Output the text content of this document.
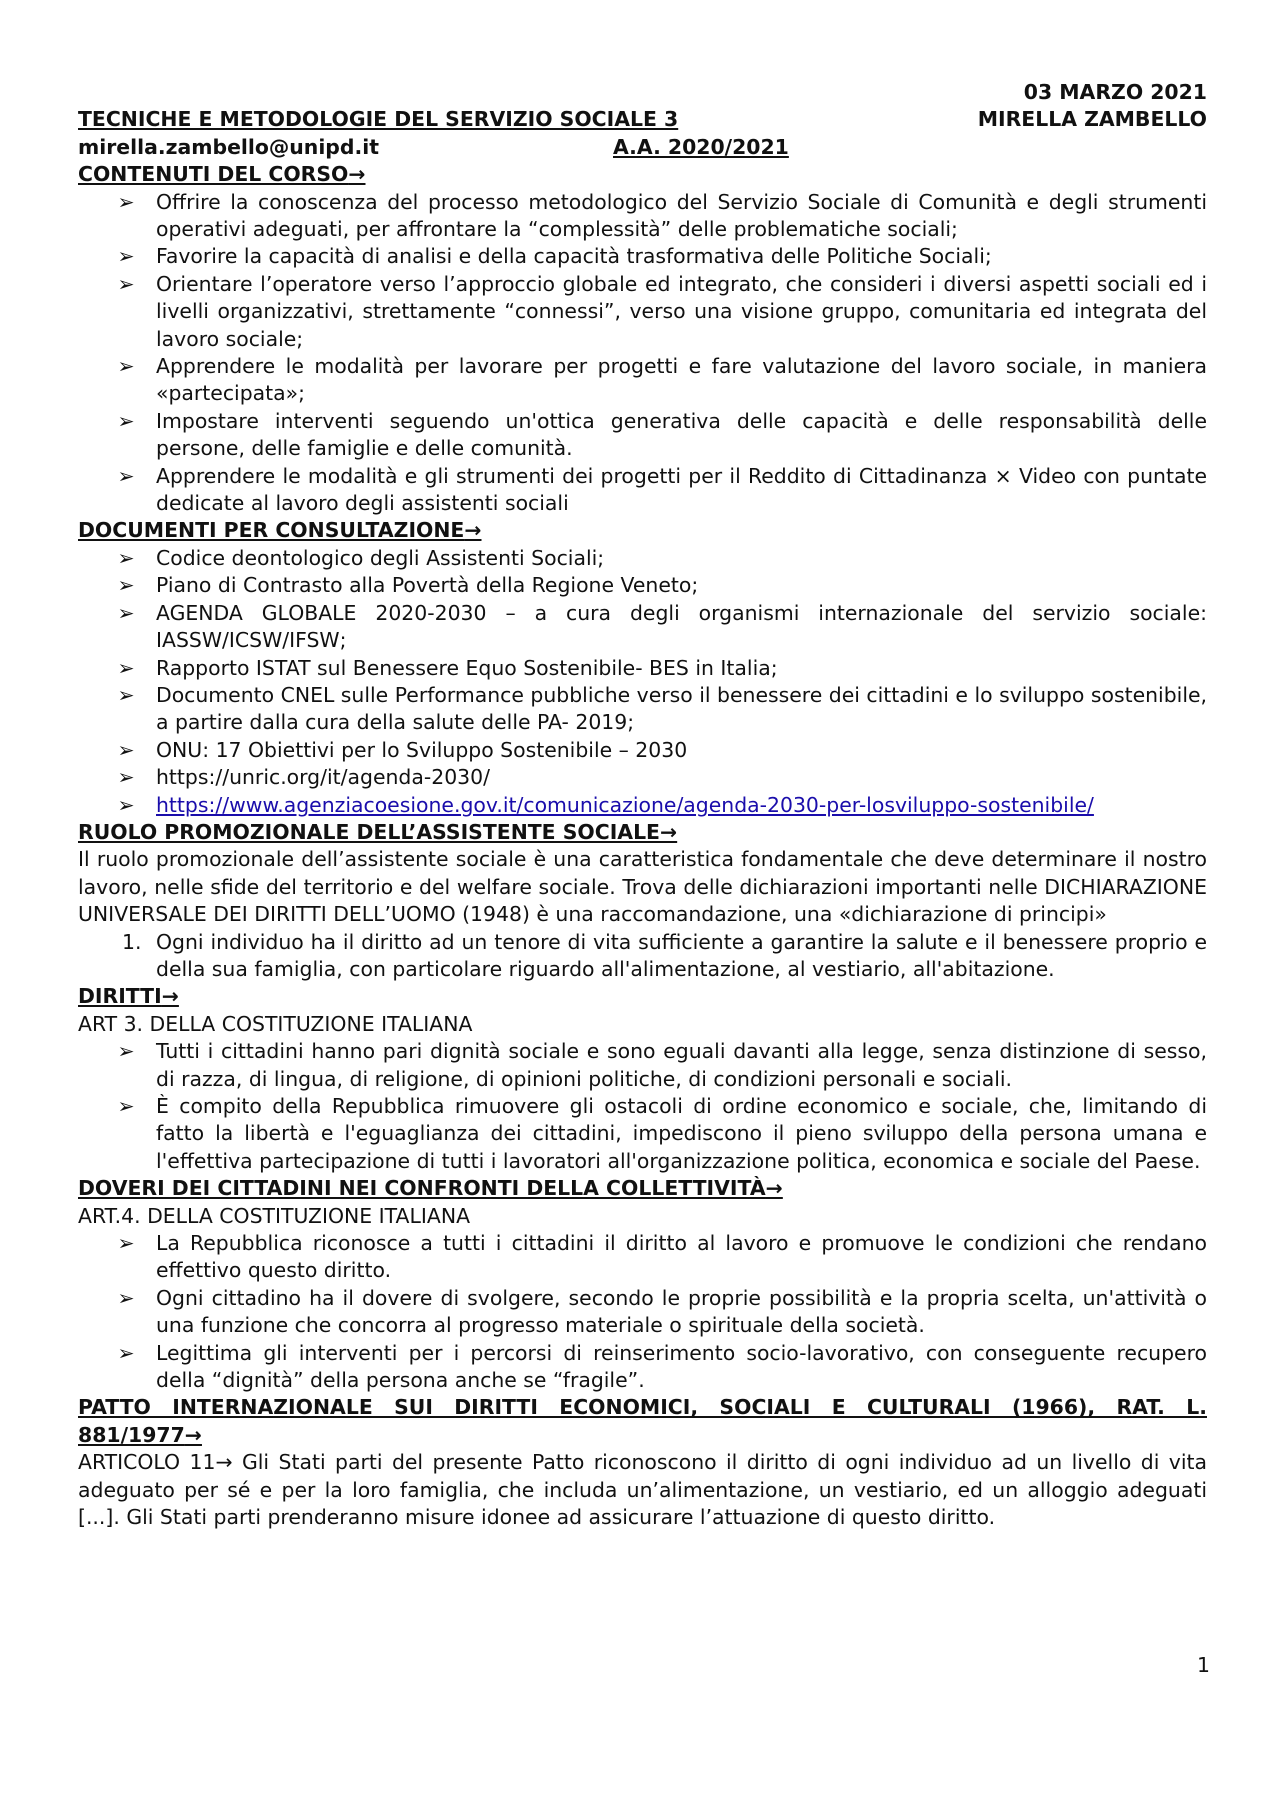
03 MARZO 2021
TECNICHE E METODOLOGIE DEL SERVIZIO SOCIALE 3	MIRELLA ZAMBELLO
mirella.zambello@unipd.it	A.A. 2020/2021
CONTENUTI DEL CORSO→
➢ Offrire la conoscenza del processo metodologico del Servizio Sociale di Comunità e degli strumenti operativi adeguati, per affrontare la “complessità” delle problematiche sociali;
➢ Favorire la capacità di analisi e della capacità trasformativa delle Politiche Sociali;
➢ Orientare l’operatore verso l’approccio globale ed integrato, che consideri i diversi aspetti sociali ed i livelli organizzativi, strettamente “connessi”, verso una visione gruppo, comunitaria ed integrata del lavoro sociale;
➢ Apprendere le modalità per lavorare per progetti e fare valutazione del lavoro sociale, in maniera «partecipata»;
➢ Impostare interventi seguendo un'ottica generativa delle capacità e delle responsabilità delle persone, delle famiglie e delle comunità.
➢ Apprendere le modalità e gli strumenti dei progetti per il Reddito di Cittadinanza × Video con puntate dedicate al lavoro degli assistenti sociali
DOCUMENTI PER CONSULTAZIONE→
➢ Codice deontologico degli Assistenti Sociali;
➢ Piano di Contrasto alla Povertà della Regione Veneto;
➢ AGENDA GLOBALE 2020-2030 – a cura degli organismi internazionale del servizio sociale: IASSW/ICSW/IFSW;
➢ Rapporto ISTAT sul Benessere Equo Sostenibile- BES in Italia;
➢ Documento CNEL sulle Performance pubbliche verso il benessere dei cittadini e lo sviluppo sostenibile, a partire dalla cura della salute delle PA- 2019;
➢ ONU: 17 Obiettivi per lo Sviluppo Sostenibile – 2030
➢ https://unric.org/it/agenda-2030/
➢ https://www.agenziacoesione.gov.it/comunicazione/agenda-2030-per-losviluppo-sostenibile/
RUOLO PROMOZIONALE DELL’ASSISTENTE SOCIALE→
Il ruolo promozionale dell’assistente sociale è una caratteristica fondamentale che deve determinare il nostro lavoro, nelle sfide del territorio e del welfare sociale. Trova delle dichiarazioni importanti nelle DICHIARAZIONE UNIVERSALE DEI DIRITTI DELL’UOMO (1948) è una raccomandazione, una «dichiarazione di principi»
1. Ogni individuo ha il diritto ad un tenore di vita sufficiente a garantire la salute e il benessere proprio e della sua famiglia, con particolare riguardo all'alimentazione, al vestiario, all'abitazione.
DIRITTI→
ART 3. DELLA COSTITUZIONE ITALIANA
➢ Tutti i cittadini hanno pari dignità sociale e sono eguali davanti alla legge, senza distinzione di sesso, di razza, di lingua, di religione, di opinioni politiche, di condizioni personali e sociali.
➢ È compito della Repubblica rimuovere gli ostacoli di ordine economico e sociale, che, limitando di fatto la libertà e l'eguaglianza dei cittadini, impediscono il pieno sviluppo della persona umana e l'effettiva partecipazione di tutti i lavoratori all'organizzazione politica, economica e sociale del Paese.
DOVERI DEI CITTADINI NEI CONFRONTI DELLA COLLETTIVITÀ→
ART.4. DELLA COSTITUZIONE ITALIANA
➢ La Repubblica riconosce a tutti i cittadini il diritto al lavoro e promuove le condizioni che rendano effettivo questo diritto.
➢ Ogni cittadino ha il dovere di svolgere, secondo le proprie possibilità e la propria scelta, un'attività o una funzione che concorra al progresso materiale o spirituale della società.
➢ Legittima gli interventi per i percorsi di reinserimento socio-lavorativo, con conseguente recupero della “dignità” della persona anche se “fragile”.
PATTO INTERNAZIONALE SUI DIRITTI ECONOMICI, SOCIALI E CULTURALI (1966), RAT. L.
881/1977→
ARTICOLO 11→ Gli Stati parti del presente Patto riconoscono il diritto di ogni individuo ad un livello di vita adeguato per sé e per la loro famiglia, che includa un’alimentazione, un vestiario, ed un alloggio adeguati [...]. Gli Stati parti prenderanno misure idonee ad assicurare l’attuazione di questo diritto.
1
